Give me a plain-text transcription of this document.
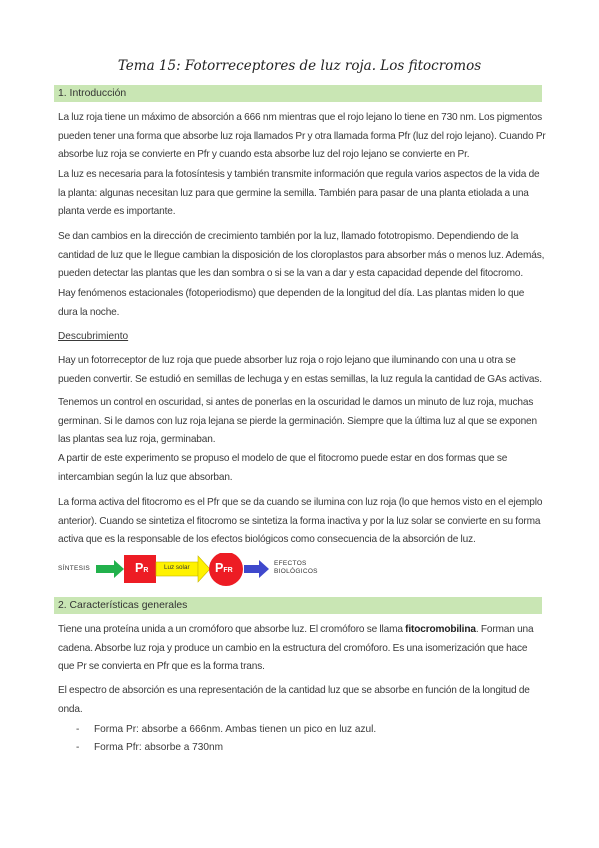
Tema 15: Fotorreceptores de luz roja. Los fitocromos
1. Introducción

La luz roja tiene un máximo de absorción a 666 nm mientras que el rojo lejano lo tiene en 730 nm. Los pigmentos pueden tener una forma que absorbe luz roja llamados Pr y otra llamada forma Pfr (luz del rojo lejano). Cuando Pr absorbe luz roja se convierte en Pfr y cuando esta absorbe luz del rojo lejano se convierte en Pr.

La luz es necesaria para la fotosíntesis y también transmite información que regula varios aspectos de la vida de la planta: algunas necesitan luz para que germine la semilla. También para pasar de una planta etiolada a una planta verde es importante.

Se dan cambios en la dirección de crecimiento también por la luz, llamado fototropismo. Dependiendo de la cantidad de luz que le llegue cambian la disposición de los cloroplastos para absorber más o menos luz. Además, pueden detectar las plantas que les dan sombra o si se la van a dar y esta capacidad depende del fitocromo.

Hay fenómenos estacionales (fotoperiodismo) que dependen de la longitud del día. Las plantas miden lo que dura la noche.

Descubrimiento

Hay un fotorreceptor de luz roja que puede absorber luz roja o rojo lejano que iluminando con una u otra se pueden convertir. Se estudió en semillas de lechuga y en estas semillas, la luz regula la cantidad de GAs activas.

Tenemos un control en oscuridad, si antes de ponerlas en la oscuridad le damos un minuto de luz roja, muchas germinan. Si le damos con luz roja lejana se pierde la germinación. Siempre que la última luz al que se exponen las plantas sea luz roja, germinaban.

A partir de este experimento se propuso el modelo de que el fitocromo puede estar en dos formas que se intercambian según la luz que absorban.

La forma activa del fitocromo es el Pfr que se da cuando se ilumina con luz roja (lo que hemos visto en el ejemplo anterior). Cuando se sintetiza el fitocromo se sintetiza la forma inactiva y por la luz solar se convierte en su forma activa que es la responsable de los efectos biológicos como consecuencia de la absorción de luz.

SÍNTESIS	PR Luz solar PFR
EFECTOS
BIOLÓGICOS
2. Características generales

Tiene una proteína unida a un cromóforo que absorbe luz. El cromóforo se llama fitocromobilina. Forman una cadena. Absorbe luz roja y produce un cambio en la estructura del cromóforo. Es una isomerización que hace que Pr se convierta en Pfr que es la forma trans.

El espectro de absorción es una representación de la cantidad luz que se absorbe en función de la longitud de onda.

- Forma Pr: absorbe a 666nm. Ambas tienen un pico en luz azul.
- Forma Pfr: absorbe a 730nm
